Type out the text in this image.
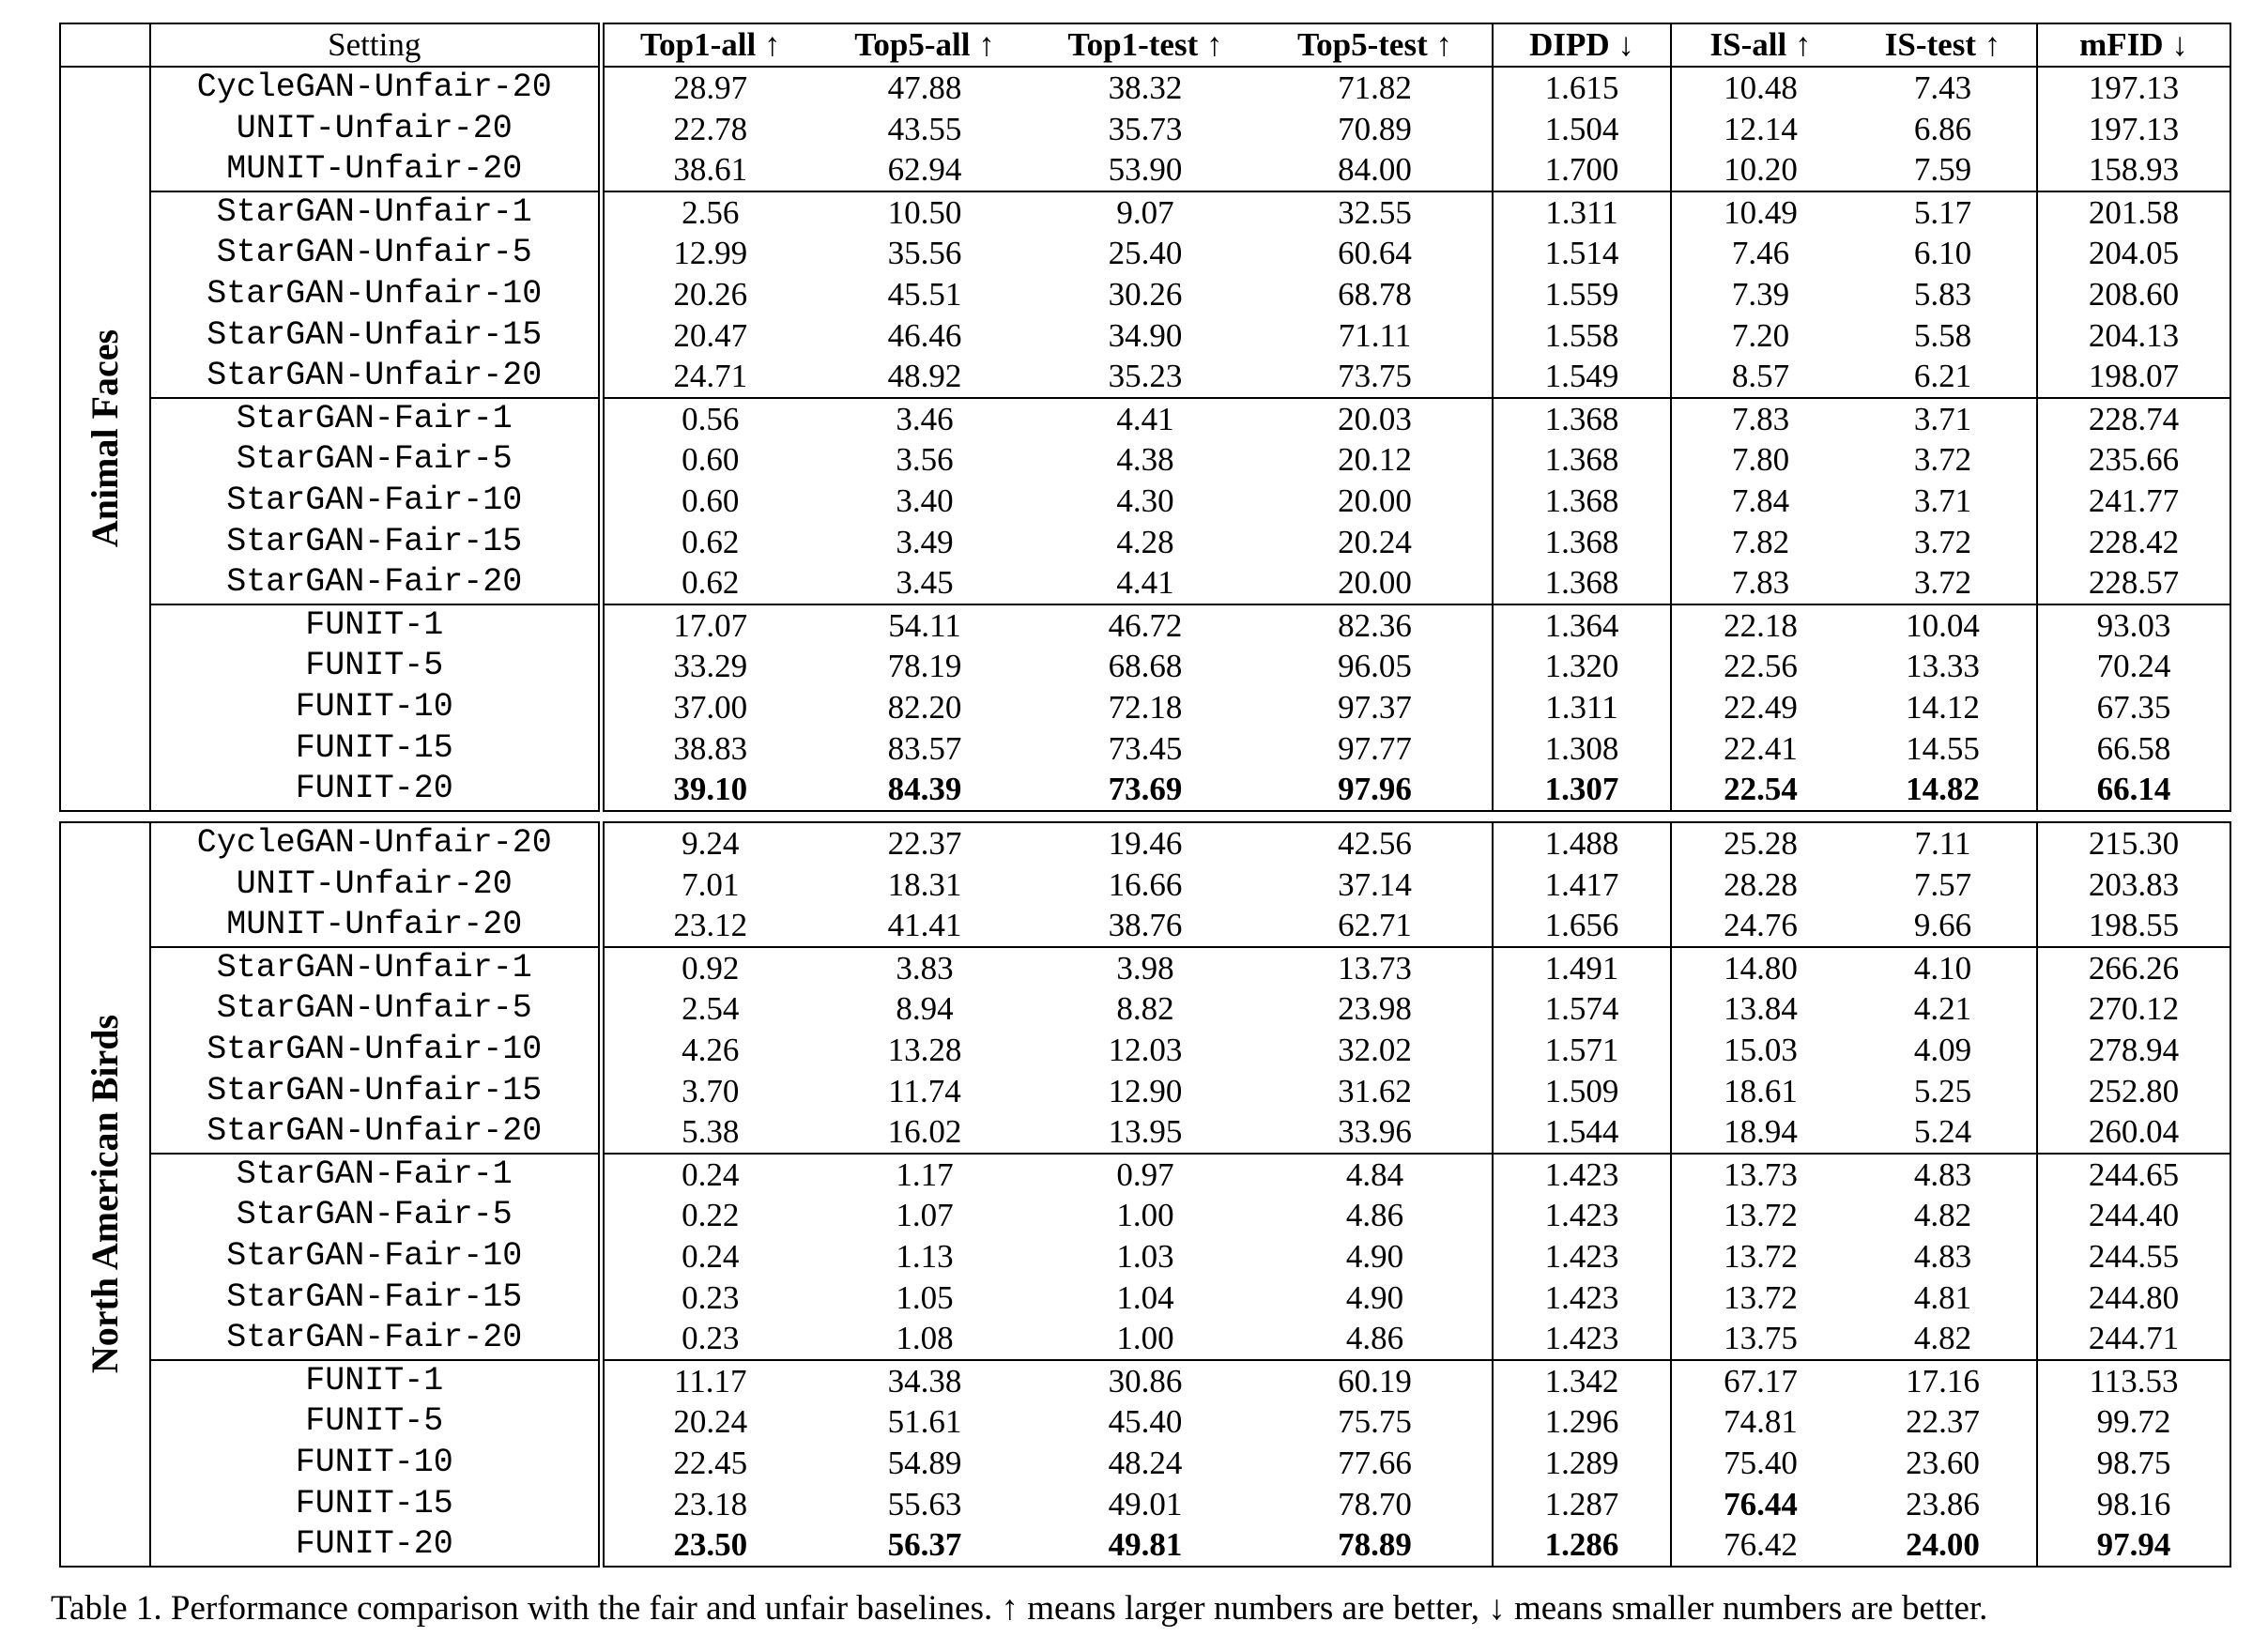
	Setting	Top1-all ↑	Top5-all ↑	Top1-test ↑	Top5-test ↑	DIPD ↓	IS-all ↑	IS-test ↑	mFID ↓
Animal Faces	CycleGAN-Unfair-20	28.97	47.88	38.32	71.82	1.615	10.48	7.43	197.13
	UNIT-Unfair-20	22.78	43.55	35.73	70.89	1.504	12.14	6.86	197.13
	MUNIT-Unfair-20	38.61	62.94	53.90	84.00	1.700	10.20	7.59	158.93
	StarGAN-Unfair-1	2.56	10.50	9.07	32.55	1.311	10.49	5.17	201.58
	StarGAN-Unfair-5	12.99	35.56	25.40	60.64	1.514	7.46	6.10	204.05
	StarGAN-Unfair-10	20.26	45.51	30.26	68.78	1.559	7.39	5.83	208.60
	StarGAN-Unfair-15	20.47	46.46	34.90	71.11	1.558	7.20	5.58	204.13
	StarGAN-Unfair-20	24.71	48.92	35.23	73.75	1.549	8.57	6.21	198.07
	StarGAN-Fair-1	0.56	3.46	4.41	20.03	1.368	7.83	3.71	228.74
	StarGAN-Fair-5	0.60	3.56	4.38	20.12	1.368	7.80	3.72	235.66
	StarGAN-Fair-10	0.60	3.40	4.30	20.00	1.368	7.84	3.71	241.77
	StarGAN-Fair-15	0.62	3.49	4.28	20.24	1.368	7.82	3.72	228.42
	StarGAN-Fair-20	0.62	3.45	4.41	20.00	1.368	7.83	3.72	228.57
	FUNIT-1	17.07	54.11	46.72	82.36	1.364	22.18	10.04	93.03
	FUNIT-5	33.29	78.19	68.68	96.05	1.320	22.56	13.33	70.24
	FUNIT-10	37.00	82.20	72.18	97.37	1.311	22.49	14.12	67.35
	FUNIT-15	38.83	83.57	73.45	97.77	1.308	22.41	14.55	66.58
	FUNIT-20	39.10	84.39	73.69	97.96	1.307	22.54	14.82	66.14
North American Birds	CycleGAN-Unfair-20	9.24	22.37	19.46	42.56	1.488	25.28	7.11	215.30
	UNIT-Unfair-20	7.01	18.31	16.66	37.14	1.417	28.28	7.57	203.83
	MUNIT-Unfair-20	23.12	41.41	38.76	62.71	1.656	24.76	9.66	198.55
	StarGAN-Unfair-1	0.92	3.83	3.98	13.73	1.491	14.80	4.10	266.26
	StarGAN-Unfair-5	2.54	8.94	8.82	23.98	1.574	13.84	4.21	270.12
	StarGAN-Unfair-10	4.26	13.28	12.03	32.02	1.571	15.03	4.09	278.94
	StarGAN-Unfair-15	3.70	11.74	12.90	31.62	1.509	18.61	5.25	252.80
	StarGAN-Unfair-20	5.38	16.02	13.95	33.96	1.544	18.94	5.24	260.04
	StarGAN-Fair-1	0.24	1.17	0.97	4.84	1.423	13.73	4.83	244.65
	StarGAN-Fair-5	0.22	1.07	1.00	4.86	1.423	13.72	4.82	244.40
	StarGAN-Fair-10	0.24	1.13	1.03	4.90	1.423	13.72	4.83	244.55
	StarGAN-Fair-15	0.23	1.05	1.04	4.90	1.423	13.72	4.81	244.80
	StarGAN-Fair-20	0.23	1.08	1.00	4.86	1.423	13.75	4.82	244.71
	FUNIT-1	11.17	34.38	30.86	60.19	1.342	67.17	17.16	113.53
	FUNIT-5	20.24	51.61	45.40	75.75	1.296	74.81	22.37	99.72
	FUNIT-10	22.45	54.89	48.24	77.66	1.289	75.40	23.60	98.75
	FUNIT-15	23.18	55.63	49.01	78.70	1.287	76.44	23.86	98.16
	FUNIT-20	23.50	56.37	49.81	78.89	1.286	76.42	24.00	97.94
Table 1. Performance comparison with the fair and unfair baselines. ↑ means larger numbers are better, ↓ means smaller numbers are better.
